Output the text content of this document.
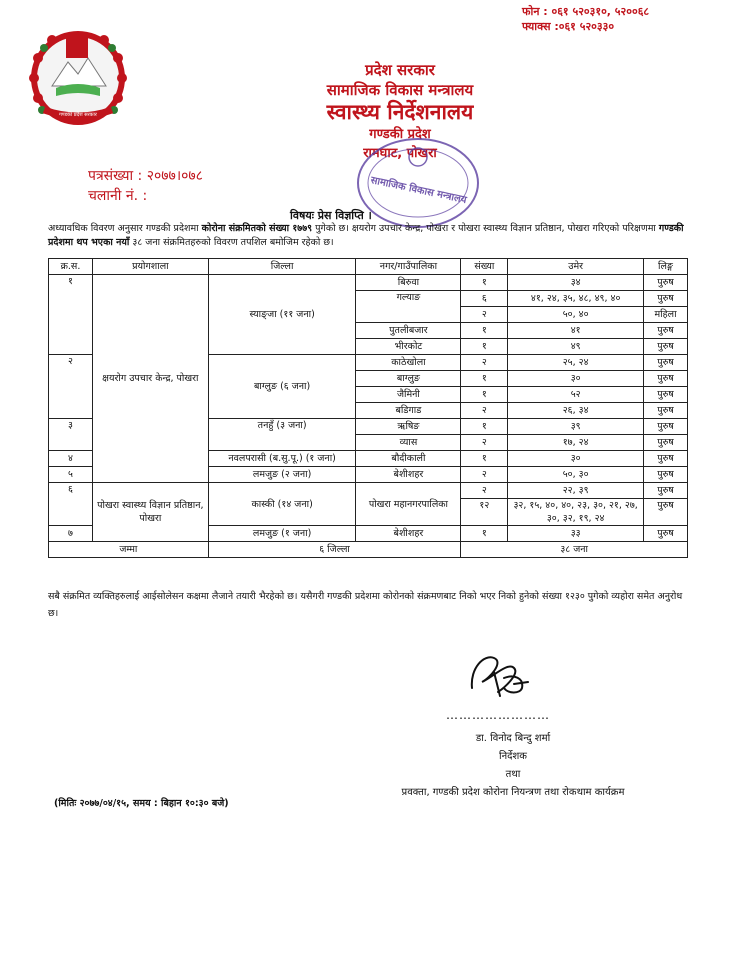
गण्डकी प्रदेश सरकार
फोन : ०६१ ५२०३१०, ५२००६८
फ्याक्स :०६१ ५२०३३०
प्रदेश सरकार
सामाजिक विकास मन्त्रालय
स्वास्थ्य निर्देशनालय
गण्डकी प्रदेश
रामघाट, पोखरा
सामाजिक विकास मन्त्रालय
पत्रसंख्या : २०७७।०७८
चलानी नं. :
विषयः प्रेस विज्ञप्ति ।
अध्यावधिक विवरण अनुसार गण्डकी प्रदेशमा कोरोना संक्रमितको संख्या १७७९ पुगेको छ। क्षयरोग उपचार केन्द्र, पोखरा र पोखरा स्वास्थ्य विज्ञान प्रतिष्ठान, पोखरा गरिएको परिक्षणमा गण्डकी प्रदेशमा थप भएका नयाँ ३८ जना संक्रमितहरुको विवरण तपशिल बमोजिम रहेको छ।
क्र.स.	प्रयोगशाला	जिल्ला	नगर/गाउँपालिका	संख्या	उमेर	लिङ्ग
१	क्षयरोग उपचार केन्द्र, पोखरा	स्याङ्जा (११ जना)	बिरुवा	१	३४	पुरुष
			गल्याङ	६	४१, २४, ३५, ४८, ४९, ४०	पुरुष
				२	५०, ४०	महिला
			पुतलीबजार	१	४१	पुरुष
			भीरकोट	१	४९	पुरुष
२		बाग्लुङ (६ जना)	काठेखोला	२	२५, २४	पुरुष
			बाग्लुङ	१	३०	पुरुष
			जैमिनी	१	५२	पुरुष
			बडिगाड	२	२६, ३४	पुरुष
३		तनहुँ (३ जना)	ऋषिङ	१	३९	पुरुष
			व्यास	२	१७, २४	पुरुष
४		नवलपरासी (ब.सु.पू.) (१ जना)	बौदीकाली	१	३०	पुरुष
५		लमजुङ (२ जना)	बेशीशहर	२	५०, ३०	पुरुष
६	पोखरा स्वास्थ्य विज्ञान प्रतिष्ठान, पोखरा	कास्की (१४ जना)	पोखरा महानगरपालिका	२	२२, ३९	पुरुष
				१२	३२, १५, ४०, ४०, २३, ३०, २१, २७, ३०, ३२, १९, २४	पुरुष
७		लमजुङ (१ जना)	बेशीशहर	१	३३	पुरुष
जम्मा		६ जिल्ला		३८ जना		
सबै संक्रमित व्यक्तिहरुलाई आईसोलेसन कक्षमा लैजाने तयारी भैरहेको छ। यसैगरी गण्डकी प्रदेशमा कोरोनको संक्रमणबाट निको भएर निको हुनेको संख्या १२३० पुगेको व्यहोरा समेत अनुरोध छ।
……………………
डा. विनोद बिन्दु शर्मा
निर्देशक
तथा
प्रवक्ता, गण्डकी प्रदेश कोरोना नियन्त्रण तथा रोकथाम कार्यक्रम
(मितिः २०७७/०४/१५, समय : बिहान १०:३० बजे)
